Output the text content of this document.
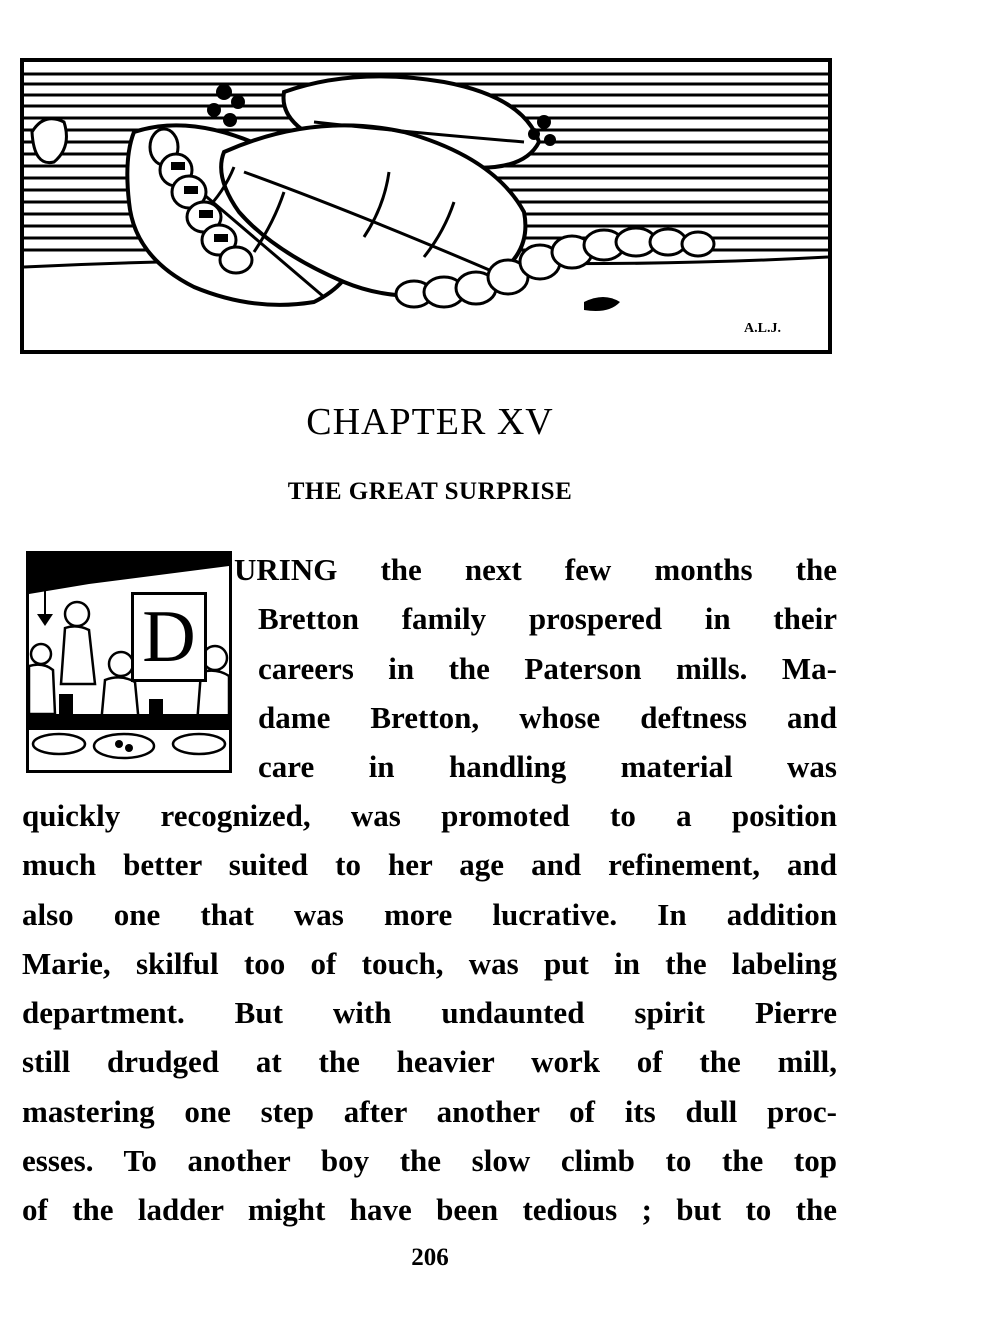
A.L.J.
CHAPTER XV
THE GREAT SURPRISE
D
URING the next few months the
Bretton family prospered in their
careers in the Paterson mills. Ma-
dame Bretton, whose deftness and
care in handling material was
quickly recognized, was promoted to a position
much better suited to her age and refinement, and
also one that was more lucrative. In addition
Marie, skilful too of touch, was put in the labeling
department. But with undaunted spirit Pierre
still drudged at the heavier work of the mill,
mastering one step after another of its dull proc-
esses. To another boy the slow climb to the top
of the ladder might have been tedious ; but to the

206
